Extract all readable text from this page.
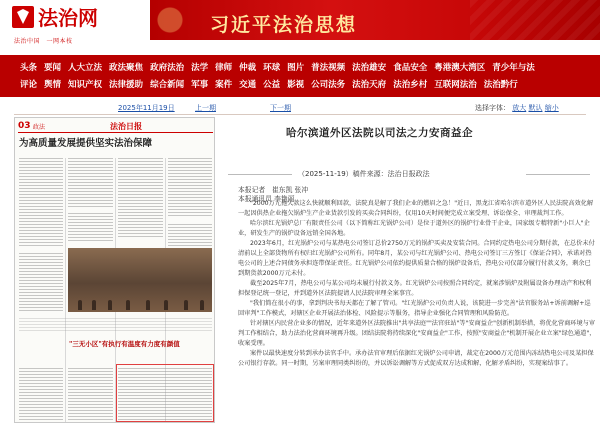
法治网
法治中国　一网本枝
习近平法治思想
头条 要闻 人大立法 政法聚焦 政府法治 法学 律师 仲裁 环球 图片 普法视频 法治雄安 食品安全 粤港澳大湾区 青少年与法
评论 舆情 知识产权 法律援助 综合新闻 军事 案件 交通 公益 影视 公司法务 法治天府 法治乡村 互联网法治 法治黔行
2025年11月19日	上一期	下一期	选择字体： 放大 默认 缩小
03 政法	法治日报
为高质量发展提供坚实法治保障
"三无小区"有执行有温度有力度有颜值
哈尔滨道外区法院以司法之力安商益企
（2025-11-19）稿件来源：法治日报政法
本报记者　崔东凯 张冲
本报通讯员 李艳丽

"2000万元拖欠款这么快就顺利回款，法院真是解了我们企业的燃眉之急！"近日，黑龙江省哈尔滨市道外区人民法院高效化解一起因供热企业拖欠锅炉生产企业货款引发的买卖合同纠纷，仅用10天时间便完成立案受理、诉讼保全、审理裁判工作。

哈尔滨红光锅炉总厂有限责任公司（以下简称红光锅炉公司）是位于道外区的锅炉行业骨干企业，国家级专精特新"小巨人"企业，研发生产的锅炉设备远销全国各地。

2023年6月，红光锅炉公司与某热电公司签订总价2750万元的锅炉买卖及安装合同。合同约定热电公司分期付款，在总价未付清前以上全部货物所有权归红光锅炉公司所有。同年8月，某公司与红光锅炉公司、热电公司签订三方签订《保证合同》，承诺对热电公司的上述合同债务承担连带保证责任。红光锅炉公司依约提供质量合格的锅炉设备后，热电公司仅部分履行付款义务，剩余已到期货款2000万元未付。

截至2025年7月，热电公司与某公司均未履行付款义务。红光锅炉公司按照合同约定，就案涉锅炉及附属设备办理动产和权利担保登记统一登记，并到道外区法院提请人民法院审理全案事宜。

"我们简在很小的事，拿到判决书每天都在了解了管司。"红光锅炉公司负责人说，该院进一步完善"法官服务站+诉前调解+巡回审判"工作模式，对辖区企业开展法治体检、风险提示等服务，指导企业强化合同管理和风险防范。

针对辖区内民营企业多的情况，近年来道外区法院推出"共享法庭""法官驻站"等"安商益企"创新机制举措，将优化营商环境与审判工作相结合，助力法治化营商环境再升级。团结法院将持续深化"安商益企"工作，按照"安商益企"机制开展企业立案"绿色通道"，收案受理。

案件以最快速度分转到承办法官手中。承办法官审理后依据红光锅炉公司申请，裁定在2000万元范围内冻结热电公司及某担保公司银行存款。同一时期，另案审理同类纠纷的，并以诉讼调解等方式促成双方达成和解，化解矛盾纠纷，实现案结事了。
